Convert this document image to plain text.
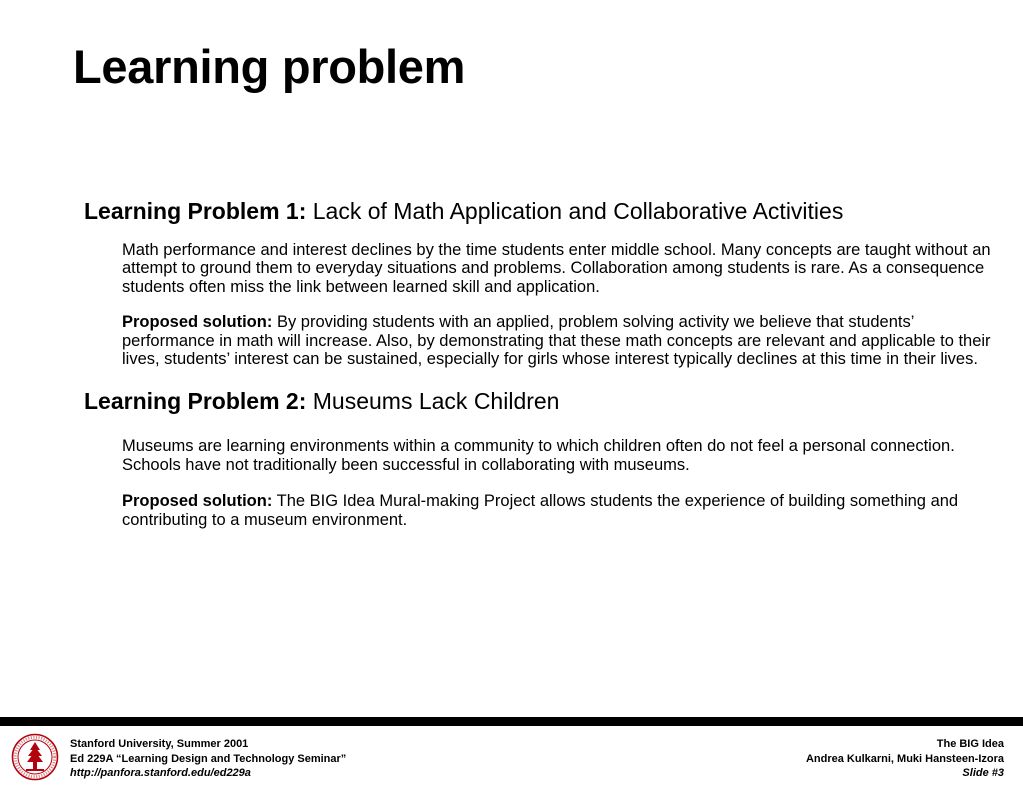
Learning problem
Learning Problem 1: Lack of Math Application and Collaborative Activities
Math performance and interest declines by the time students enter middle school. Many concepts are taught without an attempt to ground them to everyday situations and problems. Collaboration among students is rare. As a consequence students often miss the link between learned skill and application.
Proposed solution: By providing students with an applied, problem solving activity we believe that students’ performance in math will increase. Also, by demonstrating that these math concepts are relevant and applicable to their lives, students’ interest can be sustained, especially for girls whose interest typically declines at this time in their lives.
Learning Problem 2: Museums Lack Children
Museums are learning environments within a community to which children often do not feel a personal connection. Schools have not traditionally been successful in collaborating with museums.
Proposed solution: The BIG Idea Mural-making Project allows students the experience of building something and contributing to a museum environment.
Stanford University, Summer 2001
Ed 229A “Learning Design and Technology Seminar”
http://panfora.stanford.edu/ed229a
The BIG Idea
Andrea Kulkarni, Muki Hansteen-Izora
Slide #3
